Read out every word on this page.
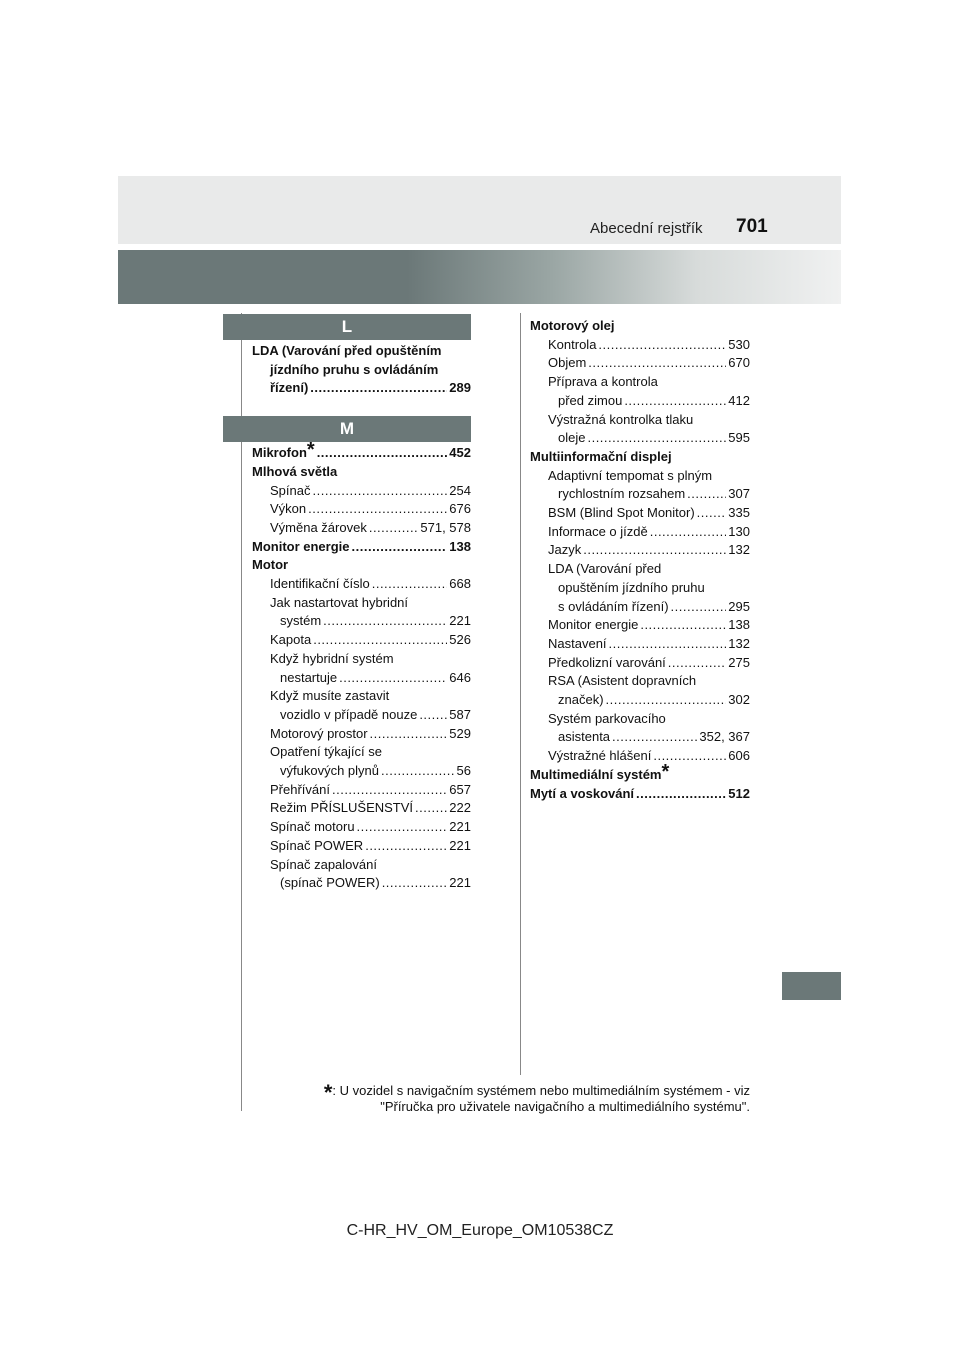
Abecední rejstřík 701
L
LDA (Varování před opuštěním
jízdního pruhu s ovládáním
řízení) .....	289
M
Mikrofon* .....	452
Mlhová světla
Spínač .....	254
Výkon .....	676
Výměna žárovek .....	571, 578
Monitor energie .....	138
Motor
Identifikační číslo .....	668
Jak nastartovat hybridní
systém .....	221
Kapota .....	526
Když hybridní systém
nestartuje .....	646
Když musíte zastavit
vozidlo v případě nouze ..... 587
Motorový prostor .....	529
Opatření týkající se
výfukových plynů .....	56
Přehřívání .....	657
Režim PŘÍSLUŠENSTVÍ .....	222
Spínač motoru .....	221
Spínač POWER .....	221
Spínač zapalování
(spínač POWER) .....	221
Motorový olej
Kontrola .....	530
Objem .....	670
Příprava a kontrola
před zimou .....	412
Výstražná kontrolka tlaku
oleje .....	595
Multiinformační displej
Adaptivní tempomat s plným
rychlostním rozsahem .....	307
BSM (Blind Spot Monitor) .....	335
Informace o jízdě .....	130
Jazyk .....	132
LDA (Varování před
opuštěním jízdního pruhu
s ovládáním řízení) .....	295
Monitor energie .....	138
Nastavení .....	132
Předkolizní varování .....	275
RSA (Asistent dopravních
značek) .....	302
Systém parkovacího
asistenta .....	352, 367
Výstražné hlášení .....	606
Multimediální systém*
Mytí a voskování .....	512
*: U vozidel s navigačním systémem nebo multimediálním systémem - viz
"Příručka pro uživatele navigačního a multimediálního systému".
C-HR_HV_OM_Europe_OM10538CZ
